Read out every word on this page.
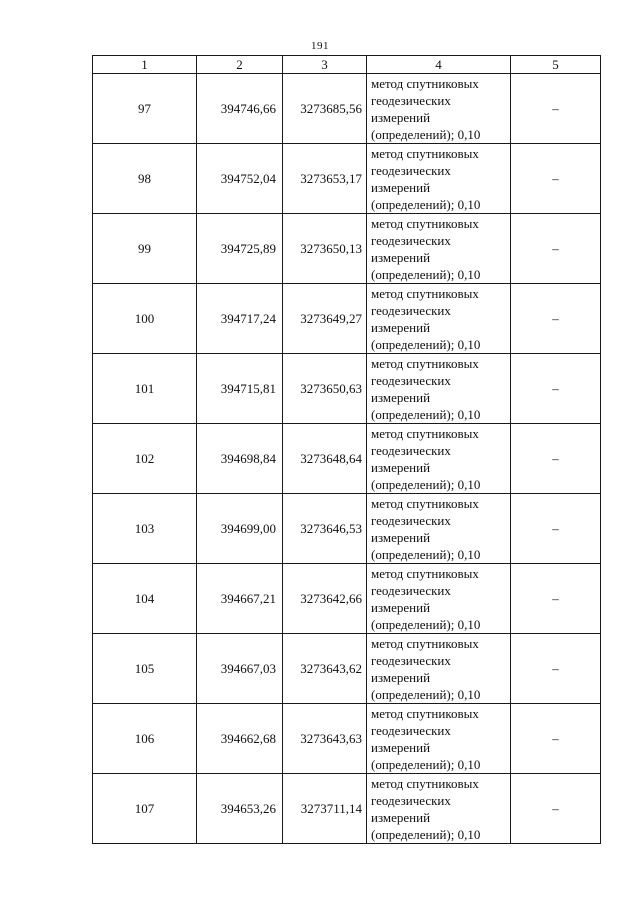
191
1	2	3	4	5
97	394746,66	3273685,56	метод спутниковых
геодезических
измерений
(определений); 0,10	–
98	394752,04	3273653,17	метод спутниковых
геодезических
измерений
(определений); 0,10	–
99	394725,89	3273650,13	метод спутниковых
геодезических
измерений
(определений); 0,10	–
100	394717,24	3273649,27	метод спутниковых
геодезических
измерений
(определений); 0,10	–
101	394715,81	3273650,63	метод спутниковых
геодезических
измерений
(определений); 0,10	–
102	394698,84	3273648,64	метод спутниковых
геодезических
измерений
(определений); 0,10	–
103	394699,00	3273646,53	метод спутниковых
геодезических
измерений
(определений); 0,10	–
104	394667,21	3273642,66	метод спутниковых
геодезических
измерений
(определений); 0,10	–
105	394667,03	3273643,62	метод спутниковых
геодезических
измерений
(определений); 0,10	–
106	394662,68	3273643,63	метод спутниковых
геодезических
измерений
(определений); 0,10	–
107	394653,26	3273711,14	метод спутниковых
геодезических
измерений
(определений); 0,10	–
